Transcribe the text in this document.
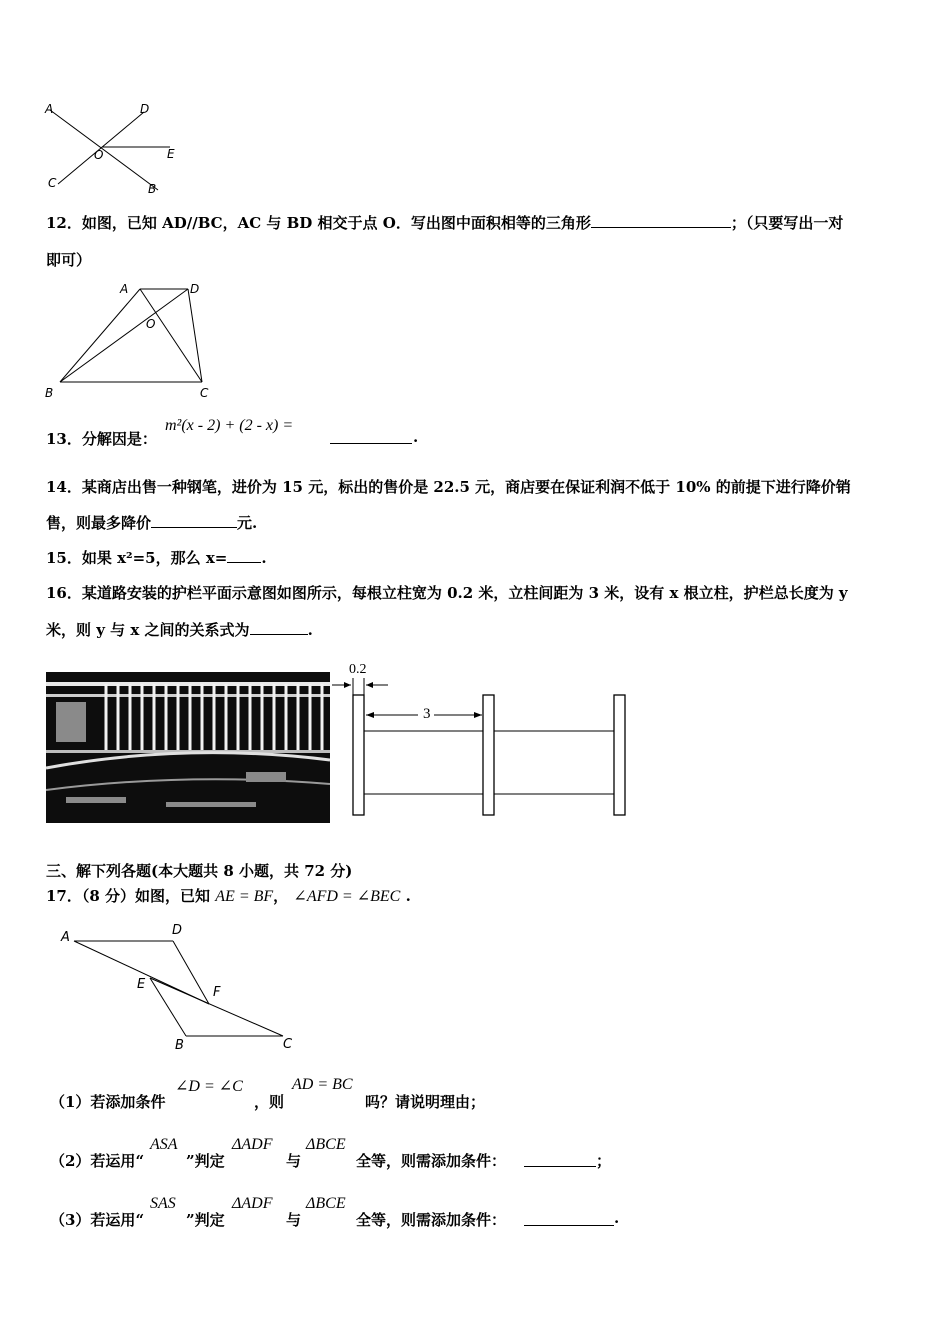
A	D
O	E
C	B
12．如图，已知 AD//BC，AC 与 BD 相交于点 O．写出图中面积相等的三角形	；（只要写出一对
即可）
A	D
O
B	C
13．分解因是：
m²(x - 2) + (2 - x) =
.
14．某商店出售一种钢笔，进价为 15 元，标出的售价是 22.5 元，商店要在保证利润不低于 10% 的前提下进行降价销
售，则最多降价	元.
15．如果 x²=5，那么 x= .
16．某道路安装的护栏平面示意图如图所示，每根立柱宽为 0.2 米，立柱间距为 3 米，设有 x 根立柱，护栏总长度为 y
米，则 y 与 x 之间的关系式为	.
0.2
3
三、解下列各题(本大题共 8 小题，共 72 分)
17．（8 分）如图，已知 AE = BF， ∠AFD = ∠BEC .
A	D
E
F
B	C
（1）若添加条件
∠D = ∠C
，则
AD = BC
吗？请说明理由；
（2）若运用“
ASA
”判定
ΔADF
与
ΔBCE
全等，则需添加条件：	；
（3）若运用“
SAS
”判定
ΔADF
与
ΔBCE
全等，则需添加条件：	.
